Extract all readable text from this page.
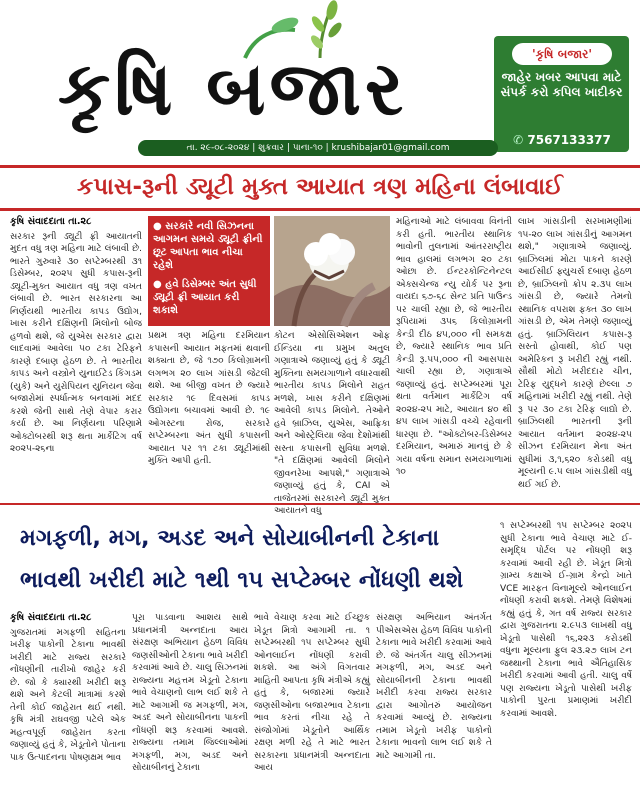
કૃષિ બજાર	'કૃષિ બજાર'
જાહેર ખબર આપવા માટે સંપર્ક કરો કપિલ ખાદીકર
✆ 7567133377
તા. ૨૯-૦૮-૨૦૨૪ | શુક્રવાર | પાના-૧૦ | krushibajar01@gmail.com
કપાસ-રૂની ડ્યૂટી મુક્ત આયાત ત્રણ મહિના લંબાવાઈ
કૃષિ સંવાદદાતા તા.૨૮
સરકાર રૂની ડ્યૂટી ફ્રી આયાતની મુદત વધુ ત્રણ મહિના માટે લંબાવી છે. ભારતે ગુરુવારે ૩૦ સપ્ટેમ્બરથી ૩૧ ડિસેમ્બર, ૨૦૨૫ સુધી કપાસ-રૂની ડ્યૂટી-મુક્ત આયાત વધુ ત્રણ વખત લંબાવી છે. ભારત સરકારના આ નિર્ણયથી ભારતીય કાપડ ઉદ્યોગ, ખાસ કરીને દક્ષિણની મિલોનો બોજ હળવો થશે, જે યુએસ સરકાર દ્વારા લાદવામાં આવેલા ૫૦ ટકા ટેરિફને કારણે દબાણ હેઠળ છે. તે ભારતીય કાપડ અને વસ્ત્રોને યુનાઈટેડ કિંગડમ (યુકે) અને યુરોપિયન યુનિયન જેવા બજારોમાં સ્પર્ધાત્મક બનવામાં મદદ કરશે જેની સાથે તેણે વેપાર કરાર કર્યા છે. આ નિર્ણયના પરિણામે ઓક્ટોબરથી શરૂ થતા માર્કેટિંગ વર્ષ ૨૦૨૫-૨૬ના

● સરકારે નવી સિઝનના આગમન સમયે ડ્યૂટી ફ્રીની છૂટ આપતા ભાવ નીચા રહેશે

● હવે ડિસેમ્બર અંત સુધી ડ્યૂટી ફ્રી આયાત કરી શકાશે

પ્રથમ ત્રણ મહિના દરમિયાન કપાસની આયાત મફતમાં થવાની શક્યતા છે, જે ૧૭૦ કિલોગ્રામની લગભગ ૨૦ લાખ ગાંસડી જેટલી થશે. આ બીજી વખત છે જ્યારે સરકાર ૧૯ દિવસમાં કાપડ ઉદ્યોગના બચાવમાં આવી છે. ૧૯ ઓગસ્ટના રોજ, સરકારે સપ્ટેમ્બરના અંત સુધી કપાસની આયાત પર ૧૧ ટકા ડ્યૂટીમાંથી મુક્તિ આપી હતી.
કોટન એસોસિએશન ઓફ ઈન્ડિયા ના પ્રમુખ અતુલ ગણાત્રાએ જણાવ્યું હતું કે ડ્યૂટી મુક્તિના સમયગાળાને વધારવાથી ભારતીય કાપડ મિલોને રાહત મળશે, ખાસ કરીને દક્ષિણમાં આવેલી કાપડ મિલોને. તેઓને હવે બ્રાઝિલ, યુએસ, આફ્રિકા અને ઓસ્ટ્રેલિયા જેવા દેશોમાંથી સસ્તા કપાસની સુવિધા મળશે. "તે દક્ષિણમાં આવેલી મિલોને જીવનરેખા આપશે," ગણાત્રાએ જણાવ્યું હતું કે, CAI એ તાજેતરમાં સરકારને ડ્યૂટી મુક્ત આયાતને વધુ
મહિનાઓ માટે લંબાવવા વિનંતી કરી હતી. ભારતીય સ્થાનિક ભાવોની તુલનામાં આંતરરાષ્ટ્રીય ભાવ હાલમાં લગભગ ૨૦ ટકા ઓછા છે. ઈન્ટરકોન્ટિનેન્ટલ એક્સચેન્જ ન્યુ યોર્ક પર રૂના વાયદા ૬૭-૬૮ સેન્ટ પ્રતિ પાઉન્ડ પર ચાલી રહ્યા છે, જે ભારતીય રૂપિયામાં ૩૫૬ કિલોગ્રામની કેન્ડી દીઠ ૪૫,૦૦૦ ની સમકક્ષ છે, જ્યારે સ્થાનિક ભાવ પ્રતિ કેન્ડી રૂ.૫૫,૦૦૦ ની આસપાસ ચાલી રહ્યા છે, ગણાત્રાએ જણાવ્યું હતું. સપ્ટેમ્બરમાં પૂરા થતા વર્તમાન માર્કેટિંગ વર્ષ ૨૦૨૪-૨૫ માટે, આયાત ૪૦ થી ૪૫ લાખ ગાંસડી વચ્ચે રહેવાની ધારણા છે. "ઓક્ટોબર-ડિસેમ્બર દરમિયાન, અમારું માનવું છે કે ગયા વર્ષના સમાન સમયગાળામાં ૧૦
લાખ ગાંસડીની સરખામણીમાં ૧૫-૨૦ લાખ ગાંસડીનું આગમન થશે," ગણાત્રાએ જણાવ્યું. બ્રાઝિલમાં મોટા પાકને કારણે આઈસીઈ ફ્યુચર્સ દબાણ હેઠળ છે, બ્રાઝિલનો ક્રોપ ૨.૩૫ લાખ ગાંસડી છે, જ્યારે તેમનો સ્થાનિક વપરાશ ફક્ત ૩૦ લાખ ગાંસડી છે, એમ તેમણે જણાવ્યું હતું. બ્રાઝિલિયન કપાસ-રૂ સસ્તો હોવાથી, કોઈ પણ અમેરિકન રૂ ખરીદી રહ્યું નથી. સૌથી મોટો ખરીદદાર ચીન, ટેરિફ યુદ્ધને કારણે છેલ્લા ૭ મહિનામાં ખરીદી રહ્યું નથી. તેણે રૂ પર ૩૦ ટકા ટેરિફ લાદ્યો છે. બ્રાઝિલથી ભારતની રૂની આયાત વર્તમાન ૨૦૨૪-૨૫ સીઝન દરમિયાન મેના અંત સુધીમાં ૩,૧,૬૨૦ કરોડથી વધુ મૂલ્યની ૯.૫ લાખ ગાંસડીથી વધુ થઈ ગઈ છે.
મગફળી, મગ, અડદ અને સોયાબીનની ટેકાના
ભાવથી ખરીદી માટે ૧થી ૧૫ સપ્ટેમ્બર નોંધણી થશે
કૃષિ સંવાદદાતા તા.૨૮
ગુજરાતમાં મગફળી સહિતના ખરીફ પાકોની ટેકાના ભાવથી ખરીદી માટે રાજ્ય સરકારે નોંધણીની તારીખો જાહેર કરી છે. જો કે ક્યારથી ખરીદી શરૂ થશે અને કેટલી માત્રામાં કરશે તેની કોઈ જાહેરાત થઈ નથી. કૃષિ મંત્રી રાઘવજી પટેલે એક મહત્વપૂર્ણ જાહેરાત કરતા જણાવ્યું હતું કે, ખેડૂતોને પોતાના પાક ઉત્પાદનના પોષણક્ષમ ભાવ
પૂરા પાડવાના આશય સાથે પ્રધાનમંત્રી અન્નદાતા આય સંરક્ષણ અભિયાન હેઠળ વિવિધ જણસીઓની ટેકાના ભાવે ખરીદી કરવામાં આવે છે. ચાલુ સિઝનમાં રાજ્યના મહત્તમ ખેડૂતો ટેકાના ભાવે વેચાણનો લાભ લઈ શકે તે માટે આગામી જ મગફળી, મગ, અડદ અને સોયાબીનના પાકની નોંધણી શરૂ કરવામાં આવશે. રાજ્યના તમામ જિલ્લાઓમાં મગફળી, મગ, અડદ અને સોયાબીનનું ટેકાના
ભાવે વેચાણ કરવા માટે ઈચ્છુક ખેડૂત મિત્રો આગામી તા. ૧ સપ્ટેમ્બરથી ૧૫ સપ્ટેમ્બર સુધી ઓનલાઈન નોંધણી કરાવી શકશે. આ અંગે વિગતવાર માહિતી આપતા કૃષિ મંત્રીએ કહ્યું હતું કે, બજારમાં જ્યારે જણસીઓના બજારભાવ ટેકાના ભાવ કરતાં નીચા રહે તે સંજોગોમાં ખેડૂતોને આર્થિક રક્ષણ મળી રહે તે માટે ભારત સરકારના પ્રધાનમંત્રી અન્નદાતા આય
સંરક્ષણ અભિયાન અંતર્ગત પીએસએસ હેઠળ વિવિધ પાકોની ટેકાના ભાવે ખરીદી કરવામાં આવે છે. જે અંતર્ગત ચાલુ સીઝનમાં મગફળી, મગ, અડદ અને સોયાબીનની ટેકાના ભાવથી ખરીદી કરવા રાજ્ય સરકાર દ્વારા આગોતરું આયોજન કરવામાં આવ્યું છે. રાજ્યના તમામ ખેડૂતો ખરીફ પાકોનો ટેકાના ભાવનો લાભ લઈ શકે તે માટે આગામી તા.
૧ સપ્ટેમ્બરથી ૧૫ સપ્ટેમ્બર ૨૦૨૫ સુધી ટેકાના ભાવે વેચાણ માટે ઈ-સમૃદ્ધિ પોર્ટલ પર નોંધણી શરૂ કરવામાં આવી રહી છે. ખેડૂત મિત્રો ગ્રામ્ય કક્ષાએ ઈ-ગ્રામ કેન્દ્રો ખાતે VCE મારફત વિનામૂલ્યે ઓનલાઈન નોંધણી કરાવી શકશે. તેમણે વિશેષમાં કહ્યું હતું કે, ગત વર્ષ રાજ્ય સરકાર દ્વારા ગુજરાતના ૨.૯૫૩ લાખથી વધુ ખેડૂતો પાસેથી ૧૬,૨૨૩ કરોડથી વધુના મૂલ્યના ફુલ ૨૩.૨૭ લાખ ટન જથ્થાની ટેકાના ભાવે ઐતિહાસિક ખરીદી કરવામાં આવી હતી. ચાલુ વર્ષે પણ રાજ્યના ખેડૂતો પાસેથી ખરીફ પાકોની પુરતા પ્રમાણમાં ખરીદી કરવામાં આવશે.
